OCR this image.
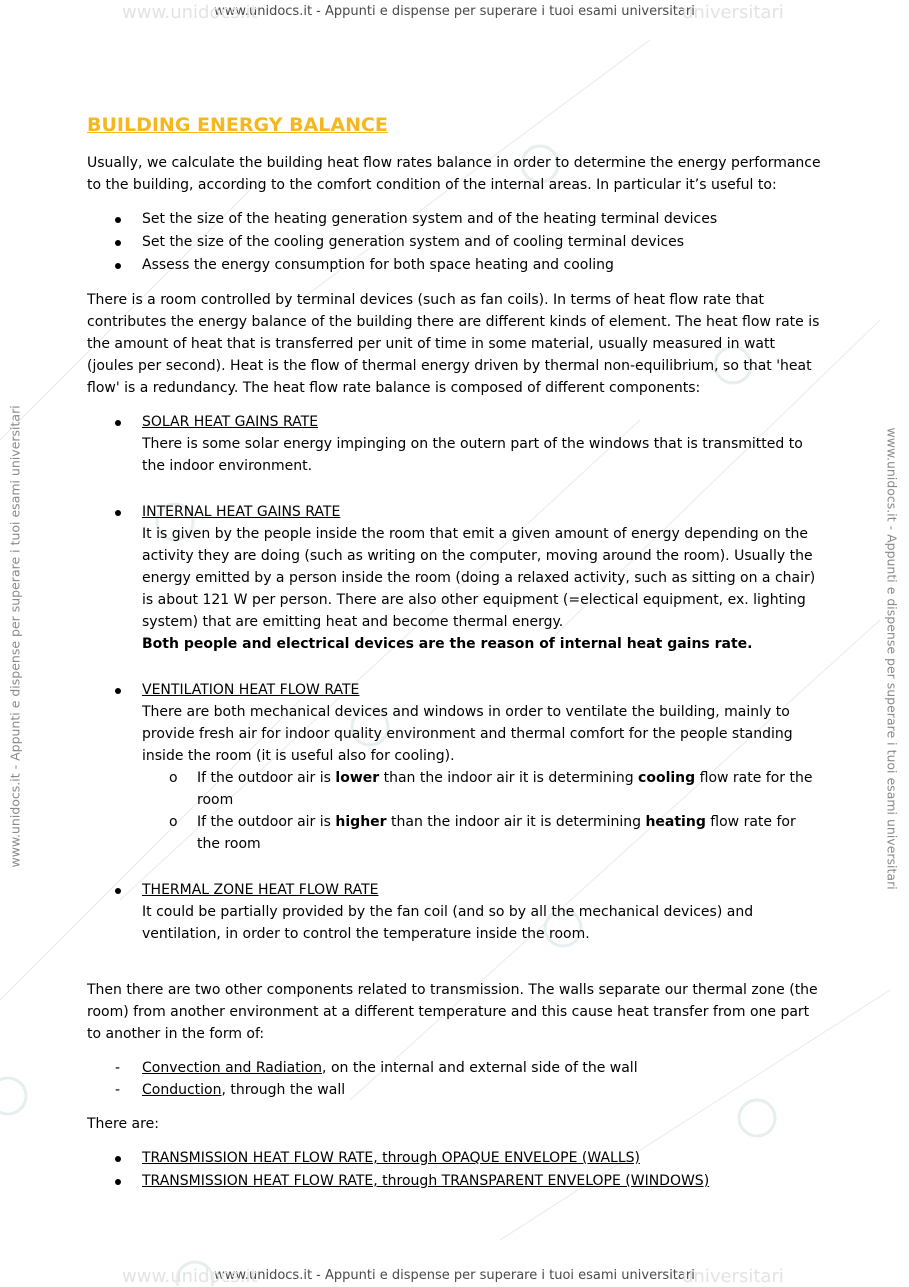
www.unidocs.it
www.unidocs.it - Appunti e dispense per superare i tuoi esami universitari
universitari
www.unidocs.it - Appunti e dispense per superare i tuoi esami universitari	www.unidocs.it - Appunti e dispense per superare i tuoi esami universitari
BUILDING ENERGY BALANCE

Usually, we calculate the building heat flow rates balance in order to determine the energy performance to the building, according to the comfort condition of the internal areas. In particular it’s useful to:

Set the size of the heating generation system and of the heating terminal devices
Set the size of the cooling generation system and of cooling terminal devices
Assess the energy consumption for both space heating and cooling

There is a room controlled by terminal devices (such as fan coils). In terms of heat flow rate that contributes the energy balance of the building there are different kinds of element. The heat flow rate is the amount of heat that is transferred per unit of time in some material, usually measured in watt (joules per second). Heat is the flow of thermal energy driven by thermal non-equilibrium, so that 'heat flow' is a redundancy. The heat flow rate balance is composed of different components:

SOLAR HEAT GAINS RATE
There is some solar energy impinging on the outern part of the windows that is transmitted to the indoor environment.
INTERNAL HEAT GAINS RATE
It is given by the people inside the room that emit a given amount of energy depending on the activity they are doing (such as writing on the computer, moving around the room). Usually the energy emitted by a person inside the room (doing a relaxed activity, such as sitting on a chair) is about 121 W per person. There are also other equipment (=electical equipment, ex. lighting system) that are emitting heat and become thermal energy.
Both people and electrical devices are the reason of internal heat gains rate.
VENTILATION HEAT FLOW RATE
There are both mechanical devices and windows in order to ventilate the building, mainly to provide fresh air for indoor quality environment and thermal comfort for the people standing inside the room (it is useful also for cooling).
o If the outdoor air is lower than the indoor air it is determining cooling flow rate for the room
o If the outdoor air is higher than the indoor air it is determining heating flow rate for the room
THERMAL ZONE HEAT FLOW RATE
It could be partially provided by the fan coil (and so by all the mechanical devices) and ventilation, in order to control the temperature inside the room.

Then there are two other components related to transmission. The walls separate our thermal zone (the room) from another environment at a different temperature and this cause heat transfer from one part to another in the form of:

- Convection and Radiation, on the internal and external side of the wall
- Conduction, through the wall

There are:

TRANSMISSION HEAT FLOW RATE, through OPAQUE ENVELOPE (WALLS)
TRANSMISSION HEAT FLOW RATE, through TRANSPARENT ENVELOPE (WINDOWS)
www.unidocs.it
www.unidocs.it - Appunti e dispense per superare i tuoi esami universitari
universitari
